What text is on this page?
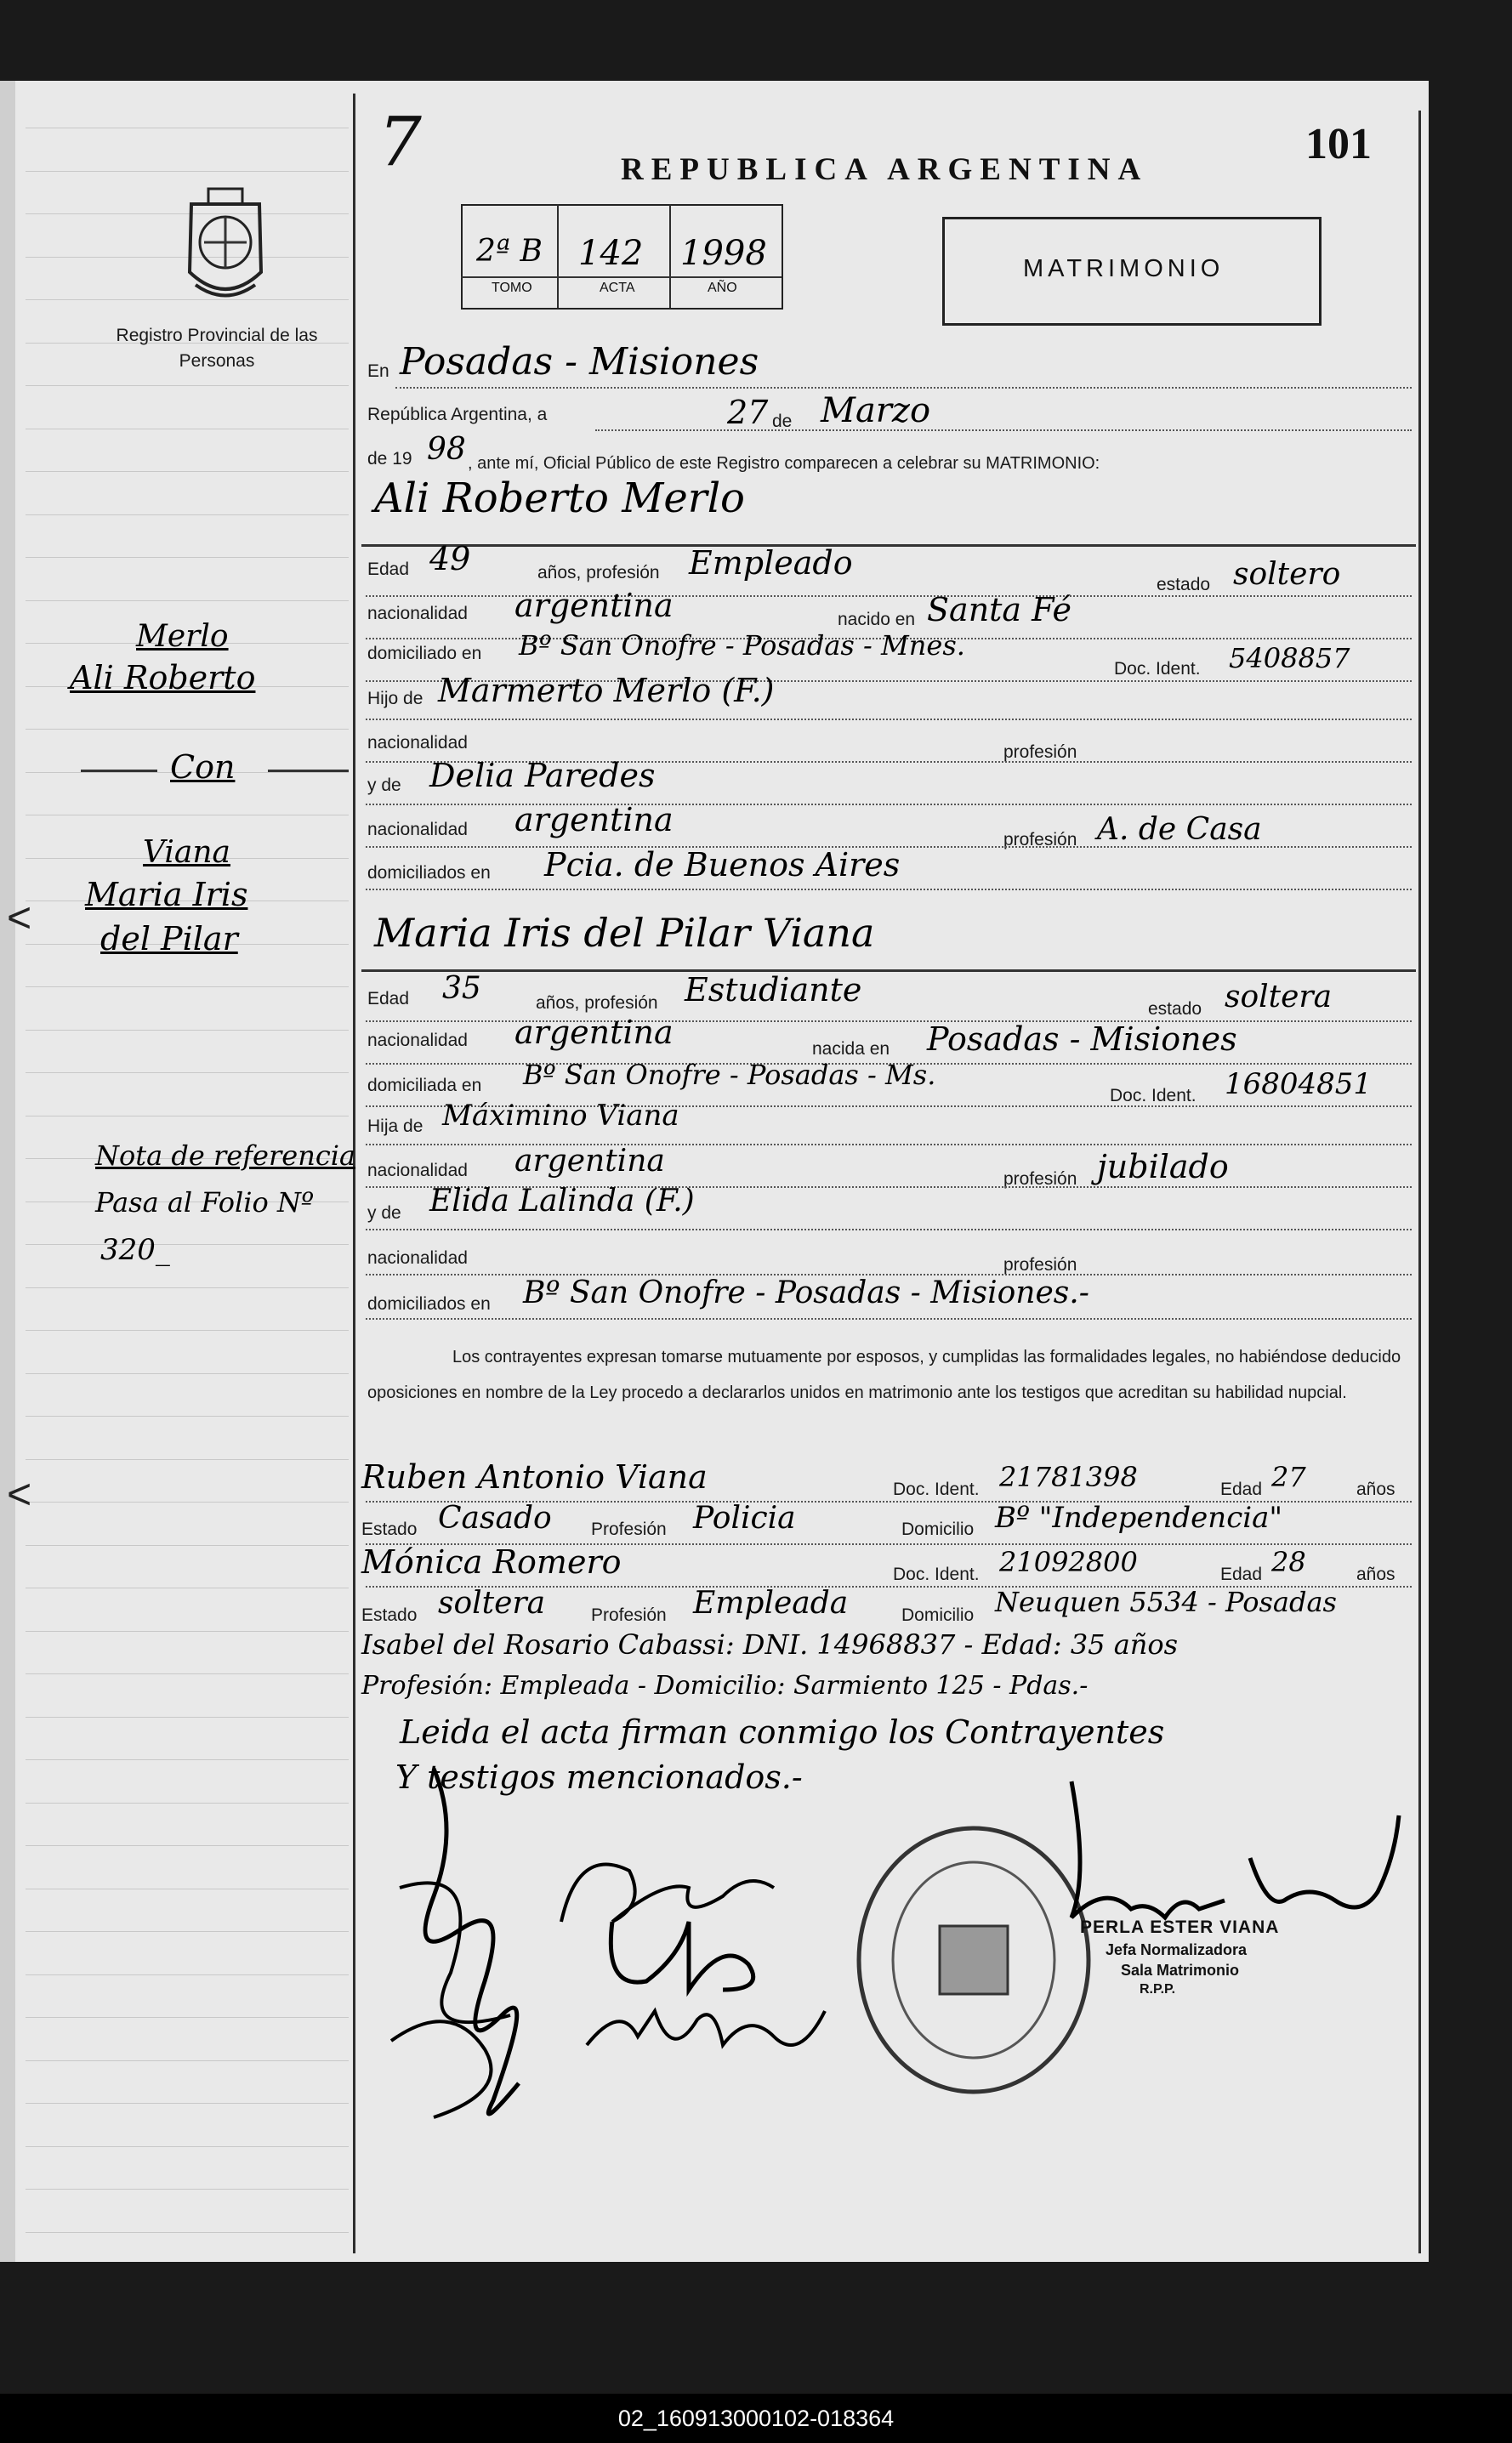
Registro Provincial de las Personas
7	REPUBLICA ARGENTINA
101
2ª B 142 1998
TOMO	ACTA	AÑO
MATRIMONIO
En Posadas - Misiones
República Argentina, a	27 de Marzo
de 19 98 , ante mí, Oficial Público de este Registro comparecen a celebrar su MATRIMONIO:
Ali Roberto Merlo
Edad 49	años, profesión Empleado
estado soltero
nacionalidad argentina	nacido en Santa Fé
domiciliado en Bº San Onofre - Posadas - Mnes.
Doc. Ident. 5408857
Hijo de Marmerto Merlo (F.)
nacionalidad	profesión
y de Delia Paredes
nacionalidad argentina
profesión A. de Casa
domiciliados en Pcia. de Buenos Aires
Maria Iris del Pilar Viana
Edad 35	años, profesión Estudiante
estado soltera
nacionalidad argentina	nacida en Posadas - Misiones
domiciliada en Bº San Onofre - Posadas - Ms.
Doc. Ident. 16804851
Hija de Máximino Viana
nacionalidad argentina
profesión jubilado
y de Elida Lalinda (F.)
nacionalidad	profesión
domiciliados en Bº San Onofre - Posadas - Misiones.-
Los contrayentes expresan tomarse mutuamente por esposos, y cumplidas las formalidades legales, no habiéndose deducido oposiciones en nombre de la Ley procedo a declararlos unidos en matrimonio ante los testigos que acreditan su habilidad nupcial.
Ruben Antonio Viana	Doc. Ident. 21781398	Edad 27	años
Estado Casado Profesión Policia	Domicilio Bº "Independencia"
Mónica Romero	Doc. Ident. 21092800	Edad 28	años
Estado soltera	Profesión Empleada	Domicilio Neuquen 5534 - Posadas
Isabel del Rosario Cabassi: DNI. 14968837 - Edad: 35 años
Profesión: Empleada - Domicilio: Sarmiento 125 - Pdas.-
Leida el acta firman conmigo los Contrayentes
Y testigos mencionados.-
PERLA ESTER VIANA
Jefa Normalizadora
Sala Matrimonio
R.P.P.
Merlo
Ali Roberto
Con
Viana
Maria Iris
del Pilar
<
<
Nota de referencia
Pasa al Folio Nº
320_
02_160913000102-018364
